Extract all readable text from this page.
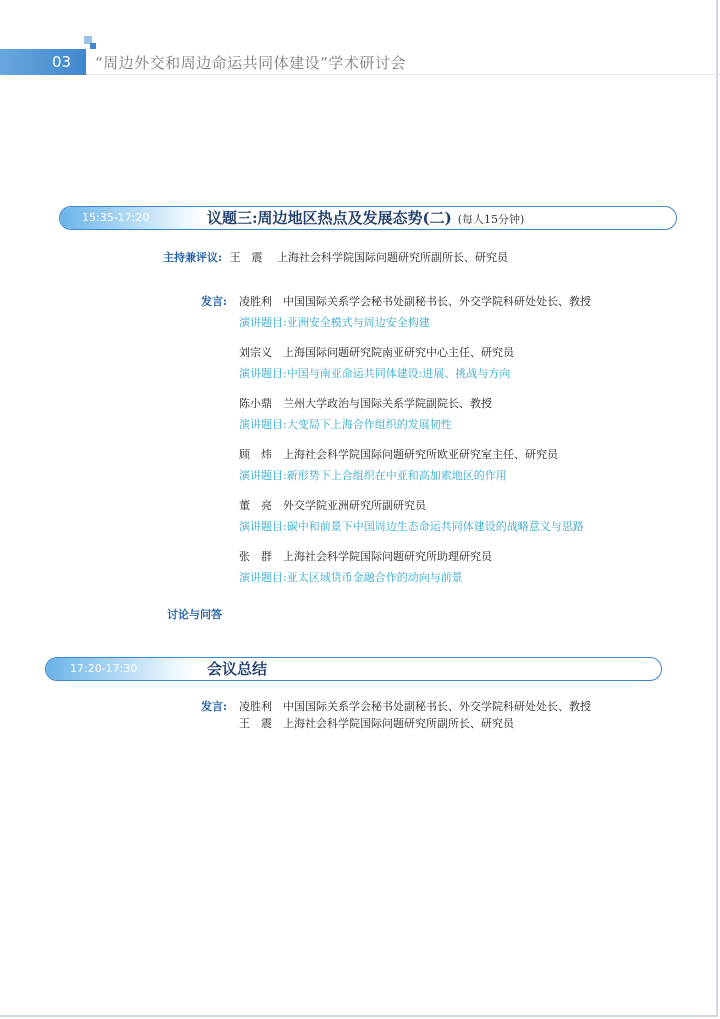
03	“周边外交和周边命运共同体建设”学术研讨会
15:35-17:20	议题三:周边地区热点及发展态势(二) (每人15分钟)
主持兼评议: 王　震 上海社会科学院国际问题研究所副所长、研究员
发言: 凌胜利 中国国际关系学会秘书处副秘书长、外交学院科研处处长、教授
演讲题目:亚洲安全模式与周边安全构建
刘宗义 上海国际问题研究院南亚研究中心主任、研究员
演讲题目:中国与南亚命运共同体建设:进展、挑战与方向
陈小鼎 兰州大学政治与国际关系学院副院长、教授
演讲题目:大变局下上海合作组织的发展韧性
顾　炜 上海社会科学院国际问题研究所欧亚研究室主任、研究员
演讲题目:新形势下上合组织在中亚和高加索地区的作用
董　亮 外交学院亚洲研究所副研究员
演讲题目:碳中和前景下中国周边生态命运共同体建设的战略意义与思路
张　群 上海社会科学院国际问题研究所助理研究员
演讲题目:亚太区域货币金融合作的动向与前景
讨论与问答
17:20-17:30	会议总结
发言: 凌胜利 中国国际关系学会秘书处副秘书长、外交学院科研处处长、教授
王　震 上海社会科学院国际问题研究所副所长、研究员
